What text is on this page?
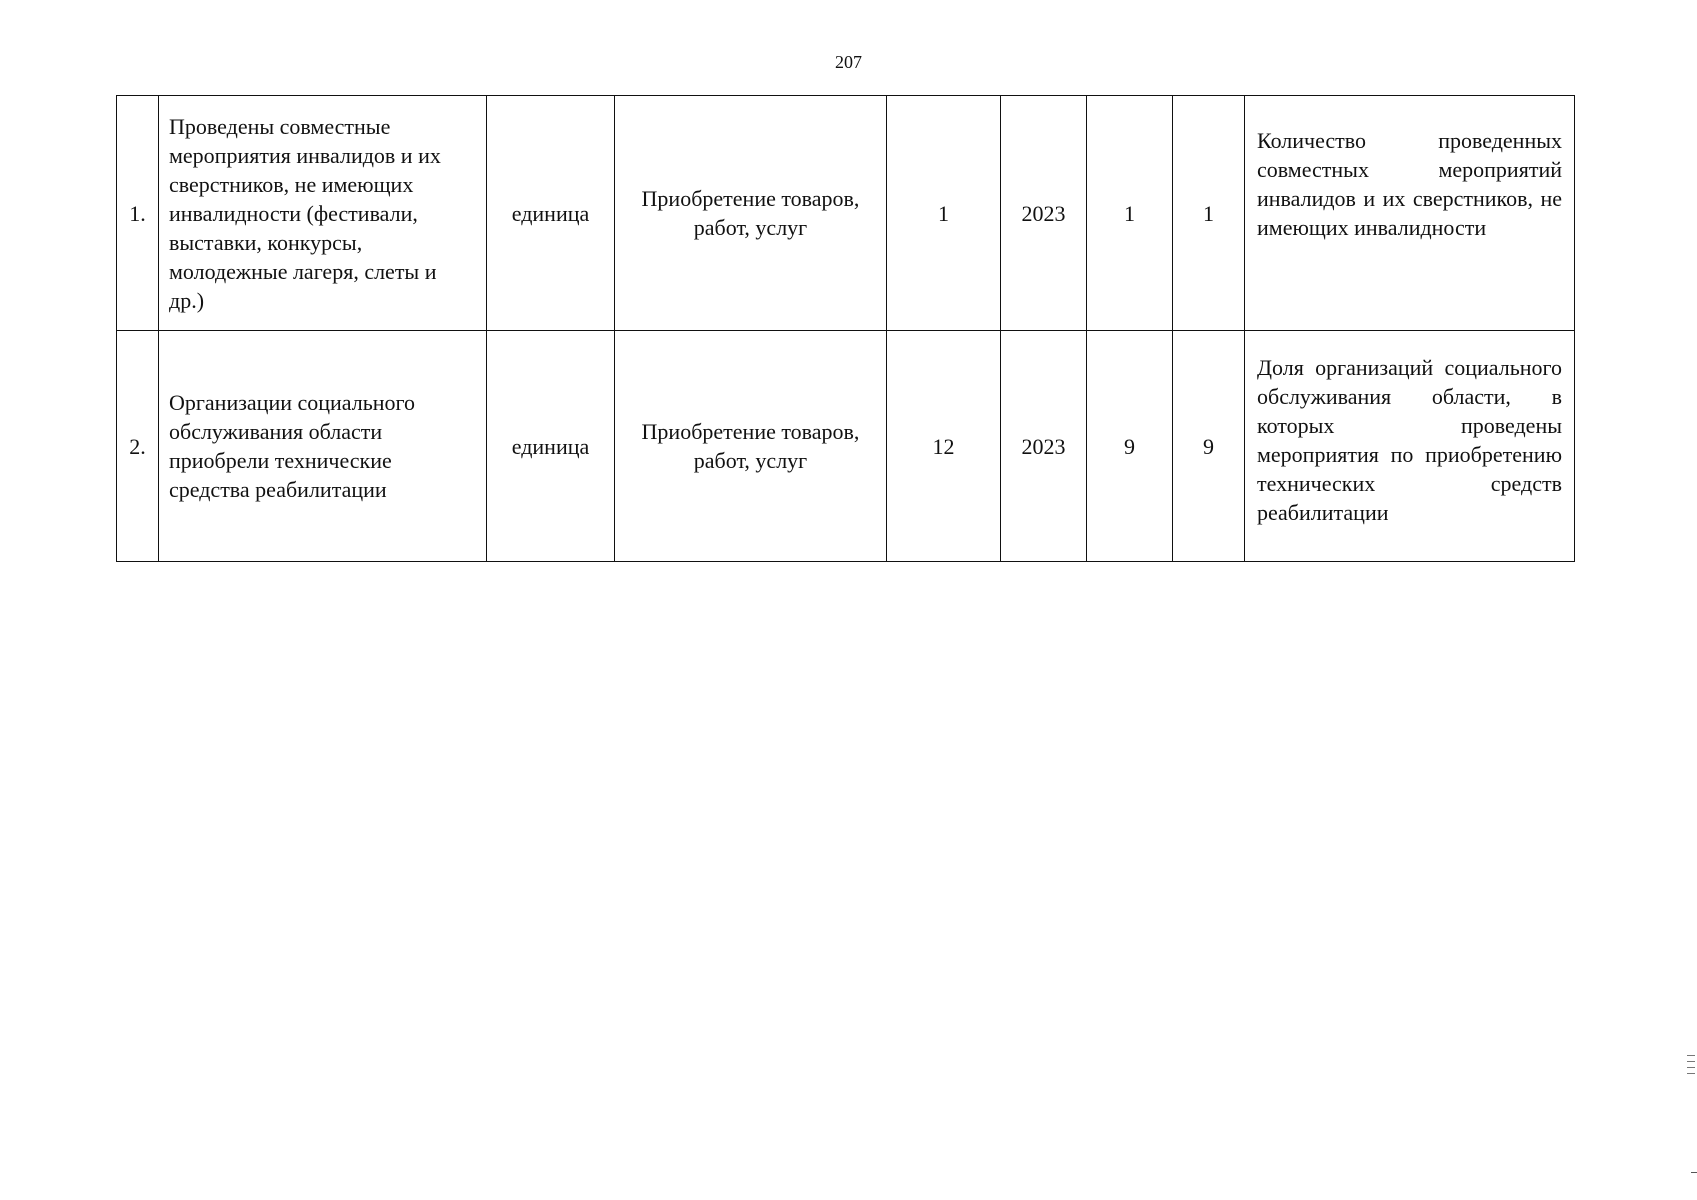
207
1.	Проведены совместные мероприятия инвалидов и их сверстников, не имеющих инвалидности (фестивали, выставки, конкурсы, молодежные лагеря, слеты и др.)	единица	Приобретение товаров, работ, услуг	1	2023	1	1	Количество проведенных совместных мероприятий инвалидов и их сверстников, не имеющих инвалидности
2.	Организации социального обслуживания области приобрели технические средства реабилитации	единица	Приобретение товаров, работ, услуг	12	2023	9	9	Доля организаций социального обслуживания области, в которых проведены мероприятия по приобретению технических средств реабилитации
